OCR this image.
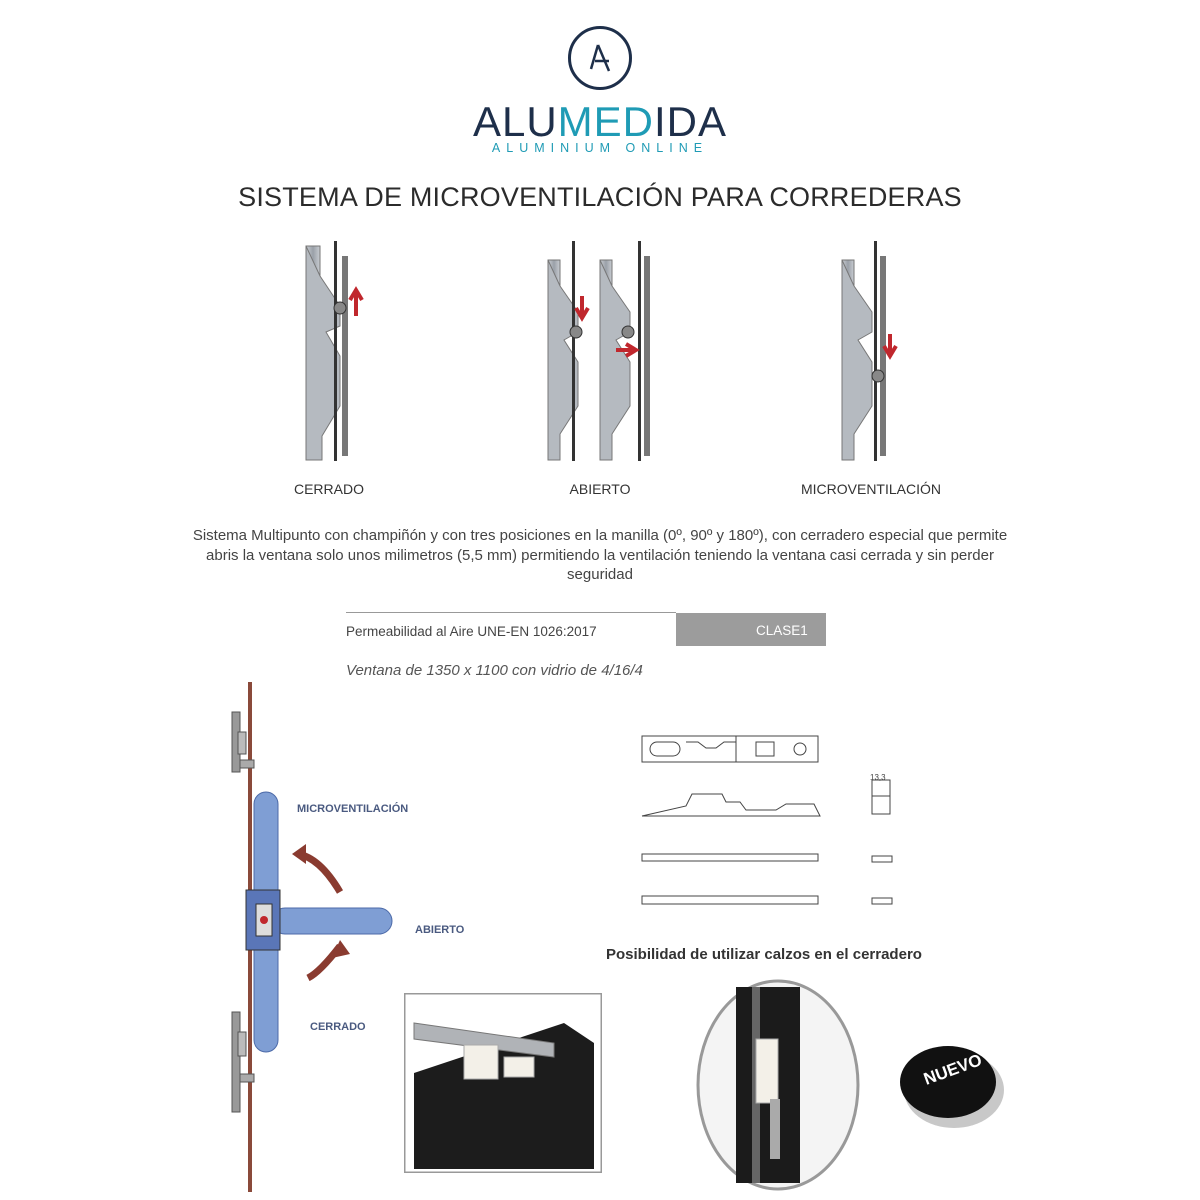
ALUMEDIDA
ALUMINIUM ONLINE
SISTEMA DE MICROVENTILACIÓN PARA CORREDERAS
CERRADO	ABIERTO	MICROVENTILACIÓN
Sistema Multipunto con champiñón y con tres posiciones en la manilla (0º, 90º y 180º), con cerradero especial que permite abris la ventana solo unos milimetros (5,5 mm) permitiendo la ventilación teniendo la ventana casi cerrada y sin perder seguridad
Permeabilidad al Aire UNE-EN 1026:2017	CLASE1
Ventana de 1350 x 1100 con vidrio de 4/16/4
MICROVENTILACIÓN
ABIERTO
CERRADO
13,3
Posibilidad de utilizar calzos en el cerradero
NUEVO
